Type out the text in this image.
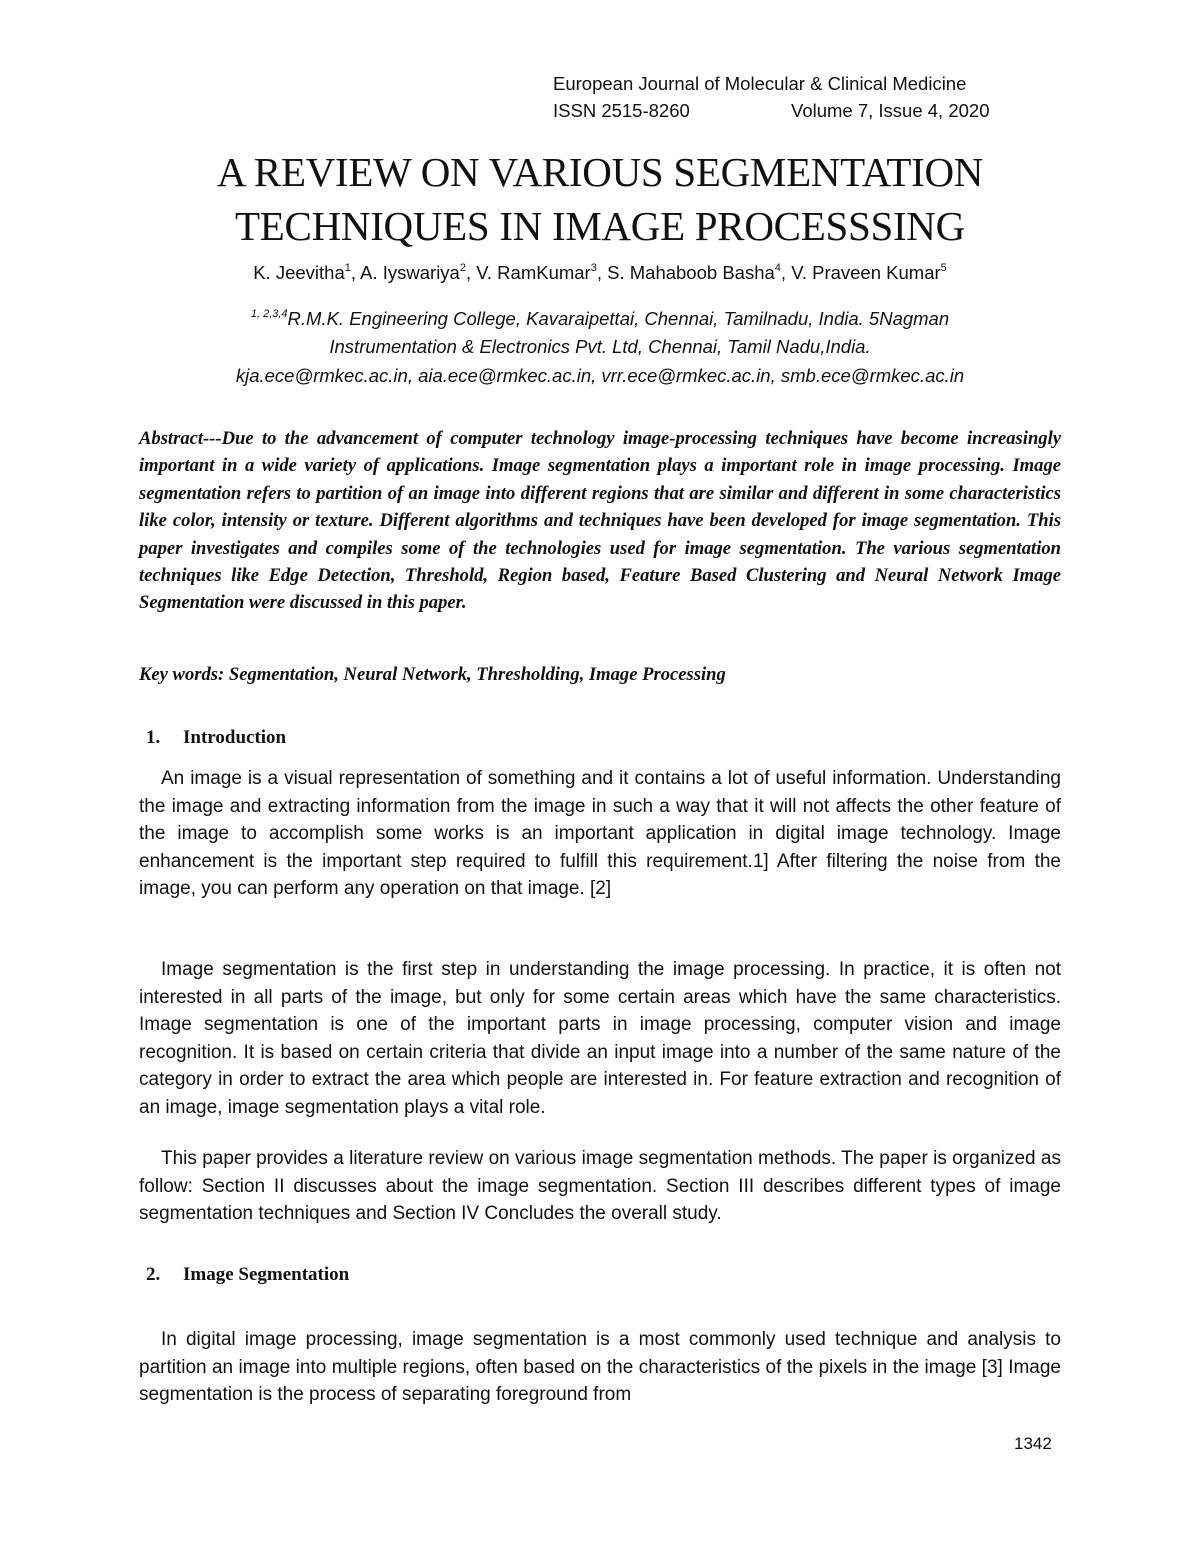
European Journal of Molecular & Clinical Medicine
ISSN 2515-8260	Volume 7, Issue 4, 2020
A REVIEW ON VARIOUS SEGMENTATION
TECHNIQUES IN IMAGE PROCESSSING
K. Jeevitha$^1$, A. Iyswariya$^2$, V. RamKumar$^3$, S. Mahaboob Basha$^4$, V. Praveen Kumar$^5$
$^{1, 2,3,4}$R.M.K. Engineering College, Kavaraipettai, Chennai, Tamilnadu, India. 5Nagman
Instrumentation & Electronics Pvt. Ltd, Chennai, Tamil Nadu,India.
kja.ece@rmkec.ac.in, aia.ece@rmkec.ac.in, vrr.ece@rmkec.ac.in, smb.ece@rmkec.ac.in
Abstract---Due to the advancement of computer technology image-processing techniques have become increasingly important in a wide variety of applications. Image segmentation plays a important role in image processing. Image segmentation refers to partition of an image into different regions that are similar and different in some characteristics like color, intensity or texture. Different algorithms and techniques have been developed for image segmentation. This paper investigates and compiles some of the technologies used for image segmentation. The various segmentation techniques like Edge Detection, Threshold, Region based, Feature Based Clustering and Neural Network Image Segmentation were discussed in this paper.
Key words: Segmentation, Neural Network, Thresholding, Image Processing
1. Introduction
An image is a visual representation of something and it contains a lot of useful information. Understanding the image and extracting information from the image in such a way that it will not affects the other feature of the image to accomplish some works is an important application in digital image technology. Image enhancement is the important step required to fulfill this requirement.1] After filtering the noise from the image, you can perform any operation on that image. [2]
Image segmentation is the first step in understanding the image processing. In practice, it is often not interested in all parts of the image, but only for some certain areas which have the same characteristics. Image segmentation is one of the important parts in image processing, computer vision and image recognition. It is based on certain criteria that divide an input image into a number of the same nature of the category in order to extract the area which people are interested in. For feature extraction and recognition of an image, image segmentation plays a vital role.
This paper provides a literature review on various image segmentation methods. The paper is organized as follow: Section II discusses about the image segmentation. Section III describes different types of image segmentation techniques and Section IV Concludes the overall study.
2. Image Segmentation
In digital image processing, image segmentation is a most commonly used technique and analysis to partition an image into multiple regions, often based on the characteristics of the pixels in the image [3] Image segmentation is the process of separating foreground from
1342
